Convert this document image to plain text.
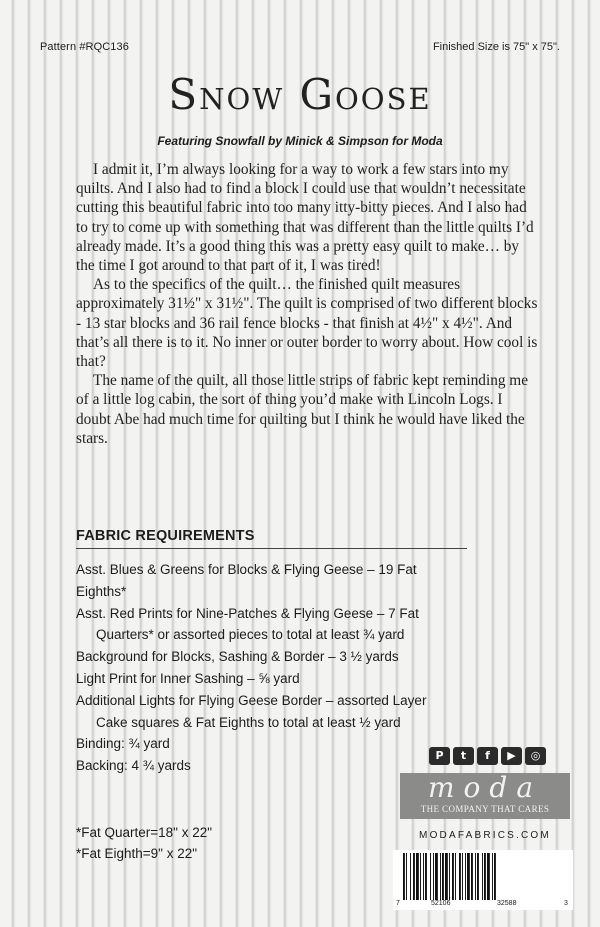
Pattern #RQC136	Finished Size is 75" x 75".
Snow Goose
Featuring Snowfall by Minick & Simpson for Moda

I admit it, I’m always looking for a way to work a few stars into my quilts. And I also had to find a block I could use that wouldn’t necessitate cutting this beautiful fabric into too many itty-bitty pieces. And I also had to try to come up with something that was different than the little quilts I’d already made. It’s a good thing this was a pretty easy quilt to make… by the time I got around to that part of it, I was tired!

As to the specifics of the quilt… the finished quilt measures approximately 31½" x 31½". The quilt is comprised of two different blocks - 13 star blocks and 36 rail fence blocks - that finish at 4½" x 4½". And that’s all there is to it. No inner or outer border to worry about. How cool is that?

The name of the quilt, all those little strips of fabric kept reminding me of a little log cabin, the sort of thing you’d make with Lincoln Logs. I doubt Abe had much time for quilting but I think he would have liked the stars.

FABRIC REQUIREMENTS
Asst. Blues & Greens for Blocks & Flying Geese – 19 Fat
Eighths*
Asst. Red Prints for Nine-Patches & Flying Geese – 7 Fat
Quarters* or assorted pieces to total at least ¾ yard
Background for Blocks, Sashing & Border – 3 ½ yards
Light Print for Inner Sashing – ⅝ yard
Additional Lights for Flying Geese Border – assorted Layer
Cake squares & Fat Eighths to total at least ½ yard
Binding: ¾ yard
Backing: 4 ¾ yards
*Fat Quarter=18" x 22"
*Fat Eighth=9" x 22"
P	t	f	▶	◎
moda
THE COMPANY THAT CARES
MODAFABRICS.COM
7	52106	32588	3
